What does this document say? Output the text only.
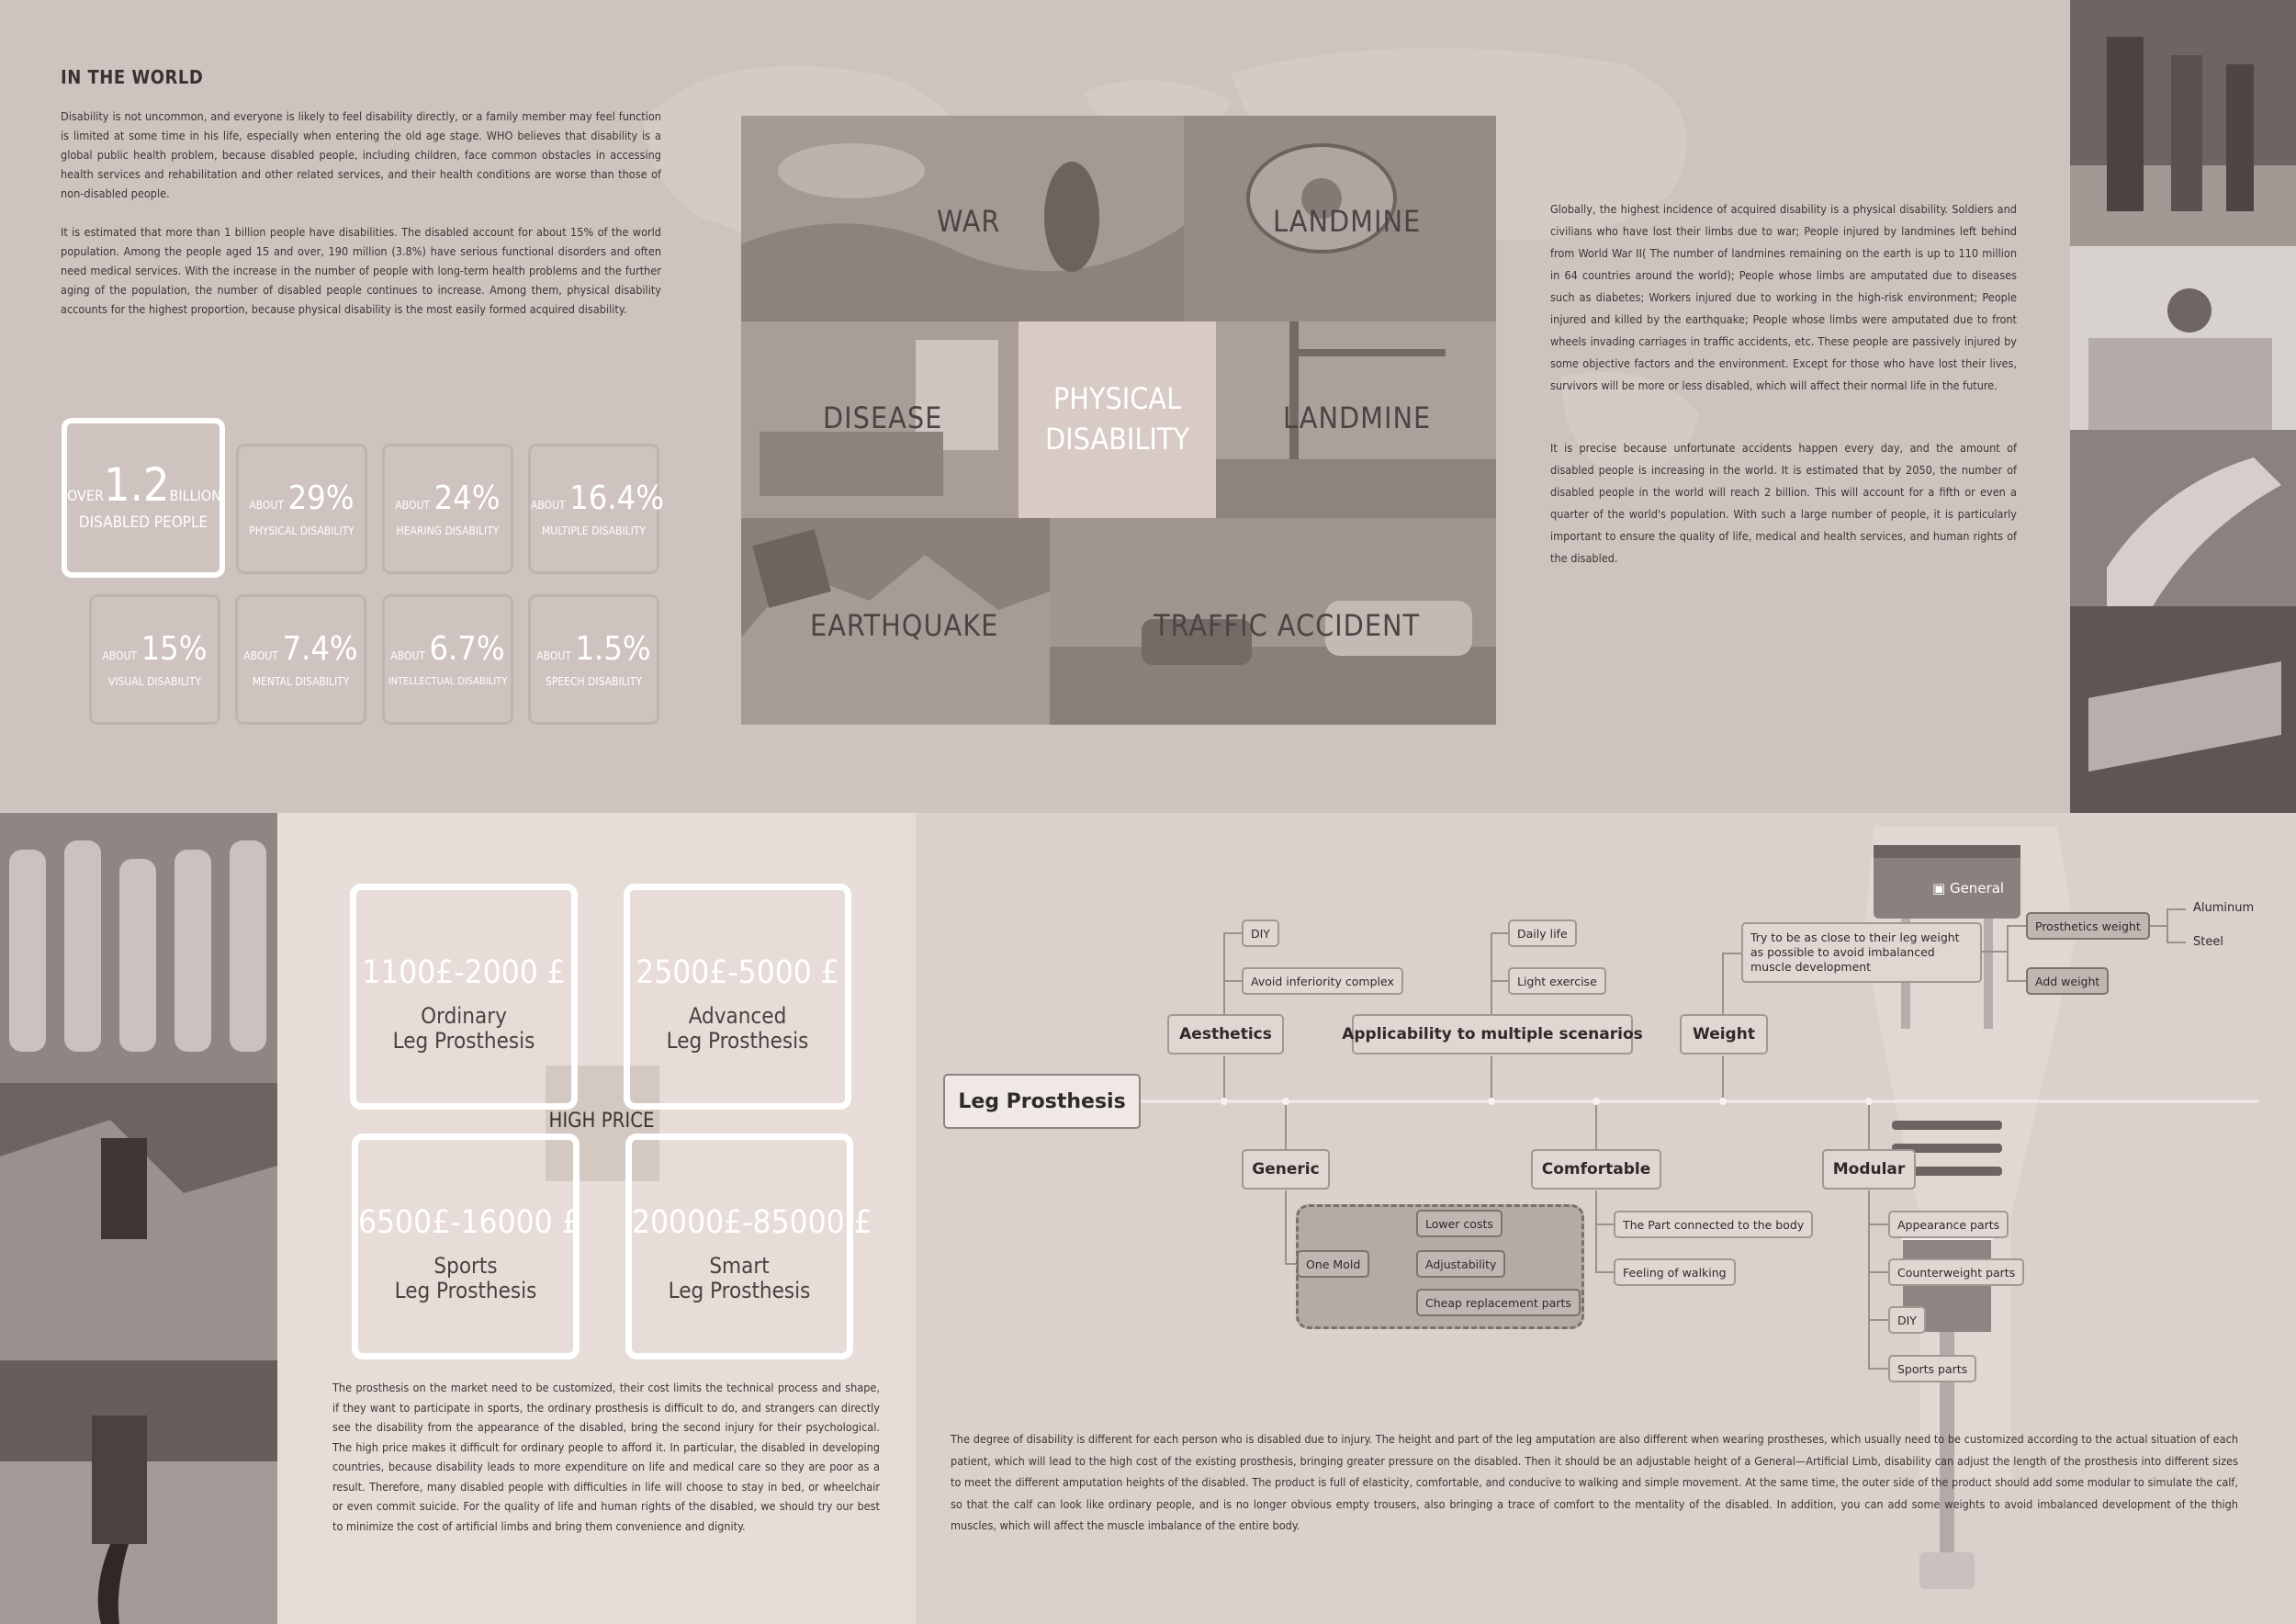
IN THE WORLD
Disability is not uncommon, and everyone is likely to feel disability directly, or a family member may feel function is limited at some time in his life, especially when entering the old age stage. WHO believes that disability is a global public health problem, because disabled people, including children, face common obstacles in accessing health services and rehabilitation and other related services, and their health conditions are worse than those of non-disabled people.
It is estimated that more than 1 billion people have disabilities. The disabled account for about 15% of the world population. Among the people aged 15 and over, 190 million (3.8%) have serious functional disorders and often need medical services. With the increase in the number of people with long-term health problems and the further aging of the population, the number of disabled people continues to increase. Among them, physical disability accounts for the highest proportion, because physical disability is the most easily formed acquired disability.
OVER1.2BILLION
DISABLED PEOPLE
ABOUT 29%
PHYSICAL DISABILITY
ABOUT 24%
HEARING DISABILITY
ABOUT 16.4%
MULTIPLE DISABILITY
ABOUT 15%
VISUAL DISABILITY
ABOUT 7.4%
MENTAL DISABILITY
ABOUT 6.7%
INTELLECTUAL DISABILITY
ABOUT 1.5%
SPEECH DISABILITY
WAR	LANDMINE
DISEASE
PHYSICAL
DISABILITY
LANDMINE
EARTHQUAKE	TRAFFIC ACCIDENT
Globally, the highest incidence of acquired disability is a physical disability. Soldiers and civilians who have lost their limbs due to war; People injured by landmines left behind from World War II( The number of landmines remaining on the earth is up to 110 million in 64 countries around the world); People whose limbs are amputated due to diseases such as diabetes; Workers injured due to working in the high-risk environment; People injured and killed by the earthquake; People whose limbs were amputated due to front wheels invading carriages in traffic accidents, etc. These people are passively injured by some objective factors and the environment. Except for those who have lost their lives, survivors will be more or less disabled, which will affect their normal life in the future.
It is precise because unfortunate accidents happen every day, and the amount of disabled people is increasing in the world. It is estimated that by 2050, the number of disabled people in the world will reach 2 billion. This will account for a fifth or even a quarter of the world's population. With such a large number of people, it is particularly important to ensure the quality of life, medical and health services, and human rights of the disabled.
1100£-2000 £
Ordinary
Leg Prosthesis
2500£-5000 £
Advanced
Leg Prosthesis
6500£-16000 £
Sports
Leg Prosthesis
20000£-85000 £
Smart
Leg Prosthesis
HIGH PRICE
The prosthesis on the market need to be customized, their cost limits the technical process and shape, if they want to participate in sports, the ordinary prosthesis is difficult to do, and strangers can directly see the disability from the appearance of the disabled, bring the second injury for their psychological. The high price makes it difficult for ordinary people to afford it. In particular, the disabled in developing countries, because disability leads to more expenditure on life and medical care so they are poor as a result. Therefore, many disabled people with difficulties in life will choose to stay in bed, or wheelchair or even commit suicide. For the quality of life and human rights of the disabled, we should try our best to minimize the cost of artificial limbs and bring them convenience and dignity.
▣ General
Leg Prosthesis
Aesthetics
DIY
Avoid inferiority complex
Applicability to multiple scenarios
Daily life
Light exercise
Weight
Try to be as close to their leg weight as possible to avoid imbalanced muscle development
Prosthetics weight
Add weight
Aluminum
Steel
Generic
One Mold
Lower costs
Adjustability
Cheap replacement parts
Comfortable
The Part connected to the body
Feeling of walking
Modular
Appearance parts
Counterweight parts
DIY
Sports parts
The degree of disability is different for each person who is disabled due to injury. The height and part of the leg amputation are also different when wearing prostheses, which usually need to be customized according to the actual situation of each patient, which will lead to the high cost of the existing prosthesis, bringing greater pressure on the disabled. Then it should be an adjustable height of a General—Artificial Limb, disability can adjust the length of the prosthesis into different sizes to meet the different amputation heights of the disabled. The product is full of elasticity, comfortable, and conducive to walking and simple movement. At the same time, the outer side of the product should add some modular to simulate the calf, so that the calf can look like ordinary people, and is no longer obvious empty trousers, also bringing a trace of comfort to the mentality of the disabled. In addition, you can add some weights to avoid imbalanced development of the thigh muscles, which will affect the muscle imbalance of the entire body.
